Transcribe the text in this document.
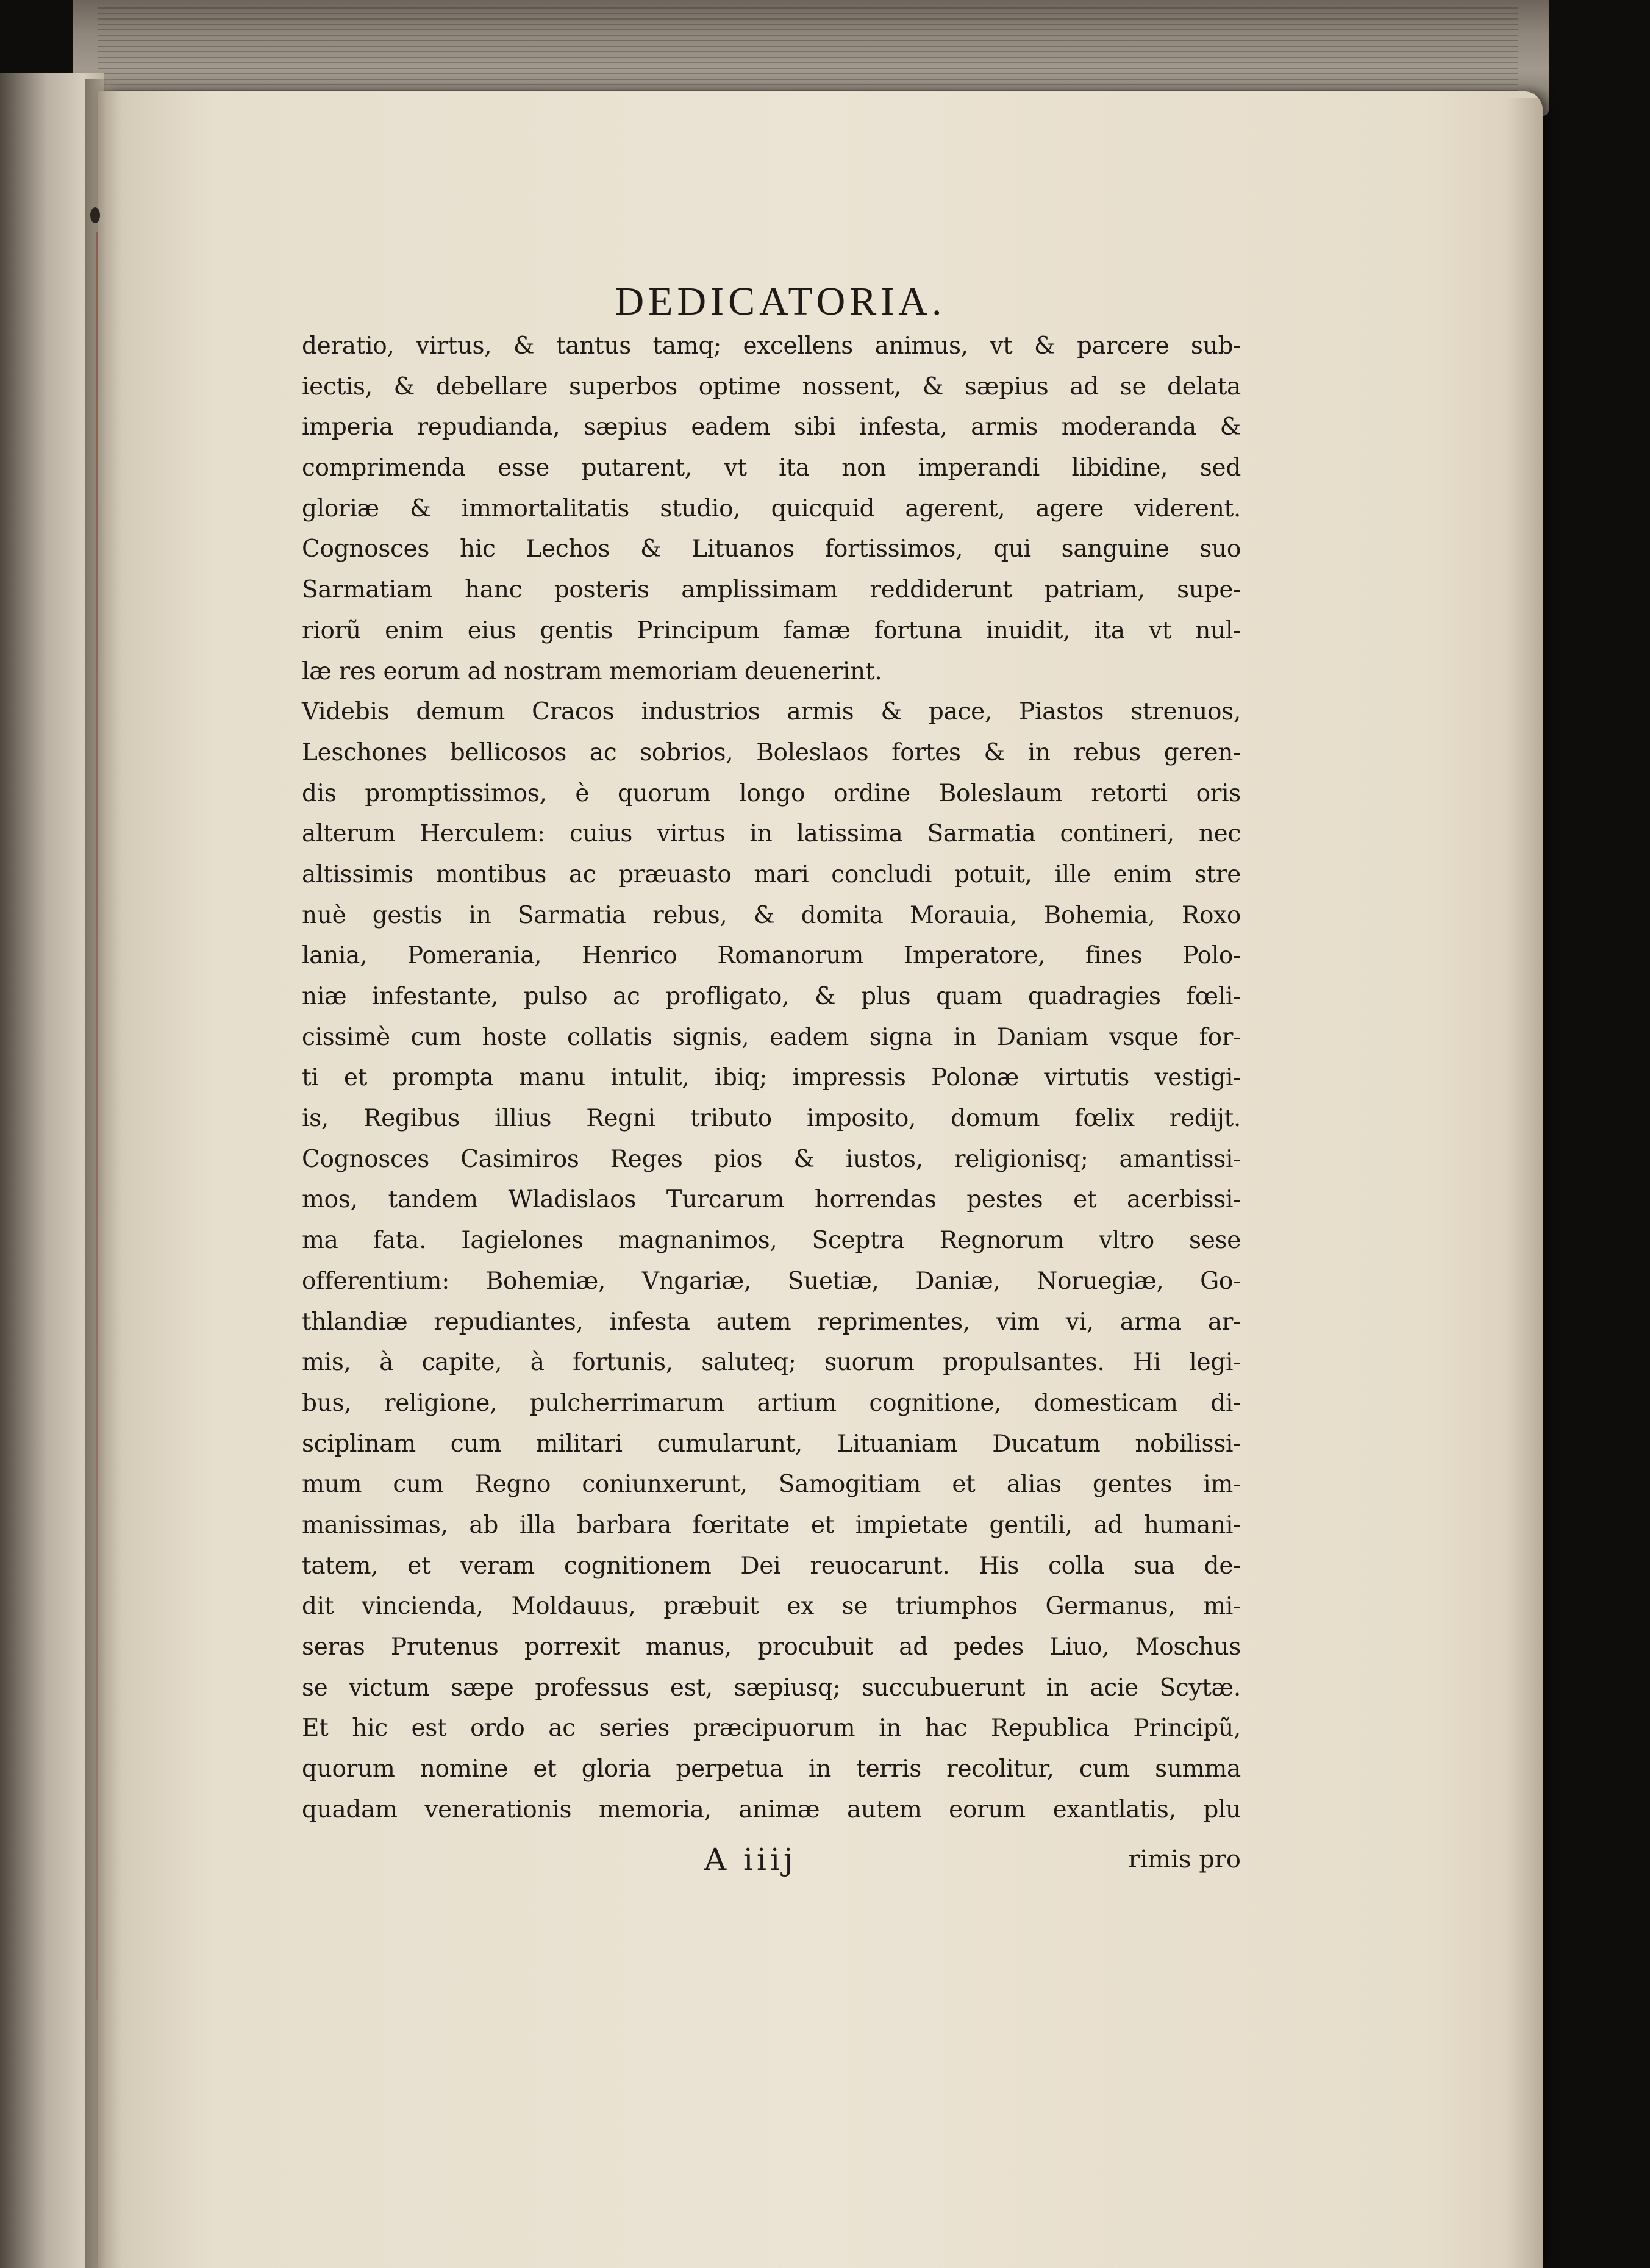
DEDICATORIA.
deratio, virtus, & tantus tamq; excellens animus, vt & parcere sub-
iectis, & debellare superbos optime nossent, & sæpius ad se delata
imperia repudianda, sæpius eadem sibi infesta, armis moderanda &
comprimenda esse putarent, vt ita non imperandi libidine, sed
gloriæ & immortalitatis studio, quicquid agerent, agere viderent.
Cognosces hic Lechos & Lituanos fortissimos, qui sanguine suo
Sarmatiam hanc posteris amplissimam reddiderunt patriam, supe-
riorũ enim eius gentis Principum famæ fortuna inuidit, ita vt nul-
læ res eorum ad nostram memoriam deuenerint.
Videbis demum Cracos industrios armis & pace, Piastos strenuos,
Leschones bellicosos ac sobrios, Boleslaos fortes & in rebus geren-
dis promptissimos, è quorum longo ordine Boleslaum retorti oris
alterum Herculem: cuius virtus in latissima Sarmatia contineri, nec
altissimis montibus ac præuasto mari concludi potuit, ille enim stre
nuè gestis in Sarmatia rebus, & domita Morauia, Bohemia, Roxo
lania, Pomerania, Henrico Romanorum Imperatore, fines Polo-
niæ infestante, pulso ac profligato, & plus quam quadragies fœli-
cissimè cum hoste collatis signis, eadem signa in Daniam vsque for-
ti et prompta manu intulit, ibiq; impressis Polonæ virtutis vestigi-
is, Regibus illius Regni tributo imposito, domum fœlix rediјt.
Cognosces Casimiros Reges pios & iustos, religionisq; amantissi-
mos, tandem Wladislaos Turcarum horrendas pestes et acerbissi-
ma fata. Iagielones magnanimos, Sceptra Regnorum vltro sese
offerentium: Bohemiæ, Vngariæ, Suetiæ, Daniæ, Noruegiæ, Go-
thlandiæ repudiantes, infesta autem reprimentes, vim vi, arma ar-
mis, à capite, à fortunis, saluteq; suorum propulsantes. Hi legi-
bus, religione, pulcherrimarum artium cognitione, domesticam di-
sciplinam cum militari cumularunt, Lituaniam Ducatum nobilissi-
mum cum Regno coniunxerunt, Samogitiam et alias gentes im-
manissimas, ab illa barbara fœritate et impietate gentili, ad humani-
tatem, et veram cognitionem Dei reuocarunt. His colla sua de-
dit vincienda, Moldauus, præbuit ex se triumphos Germanus, mi-
seras Prutenus porrexit manus, procubuit ad pedes Liuo, Moschus
se victum sæpe professus est, sæpiusq; succubuerunt in acie Scytæ.
Et hic est ordo ac series præcipuorum in hac Republica Principũ,
quorum nomine et gloria perpetua in terris recolitur, cum summa
quadam venerationis memoria, animæ autem eorum exantlatis, plu
A iiij	rimis pro
